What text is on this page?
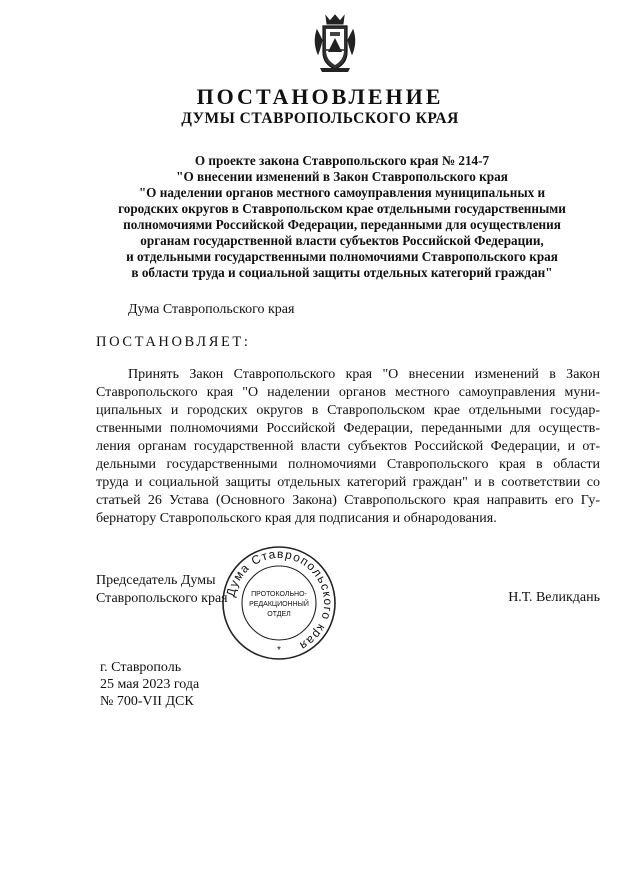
ПОСТАНОВЛЕНИЕ
ДУМЫ СТАВРОПОЛЬСКОГО КРАЯ
О проекте закона Ставропольского края № 214-7
"О внесении изменений в Закон Ставропольского края
"О наделении органов местного самоуправления муниципальных и
городских округов в Ставропольском крае отдельными государственными
полномочиями Российской Федерации, переданными для осуществления
органам государственной власти субъектов Российской Федерации,
и отдельными государственными полномочиями Ставропольского края
в области труда и социальной защиты отдельных категорий граждан"
Дума Ставропольского края
ПОСТАНОВЛЯЕТ:
Принять Закон Ставропольского края "О внесении изменений в Закон
Ставропольского края "О наделении органов местного самоуправления муни-
ципальных и городских округов в Ставропольском крае отдельными государ-
ственными полномочиями Российской Федерации, переданными для осуществ-
ления органам государственной власти субъектов Российской Федерации, и от-
дельными государственными полномочиями Ставропольского края в области
труда и социальной защиты отдельных категорий граждан" и в соответствии со
статьей 26 Устава (Основного Закона) Ставропольского края направить его Гу-
бернатору Ставропольского края для подписания и обнародования.
Председатель Думы
Ставропольского края	Н.Т. Великдань
Дума Ставропольского края
ПРОТОКОЛЬНО-
РЕДАКЦИОННЫЙ
ОТДЕЛ
*
г. Ставрополь
25 мая 2023 года
№ 700-VII ДСК
